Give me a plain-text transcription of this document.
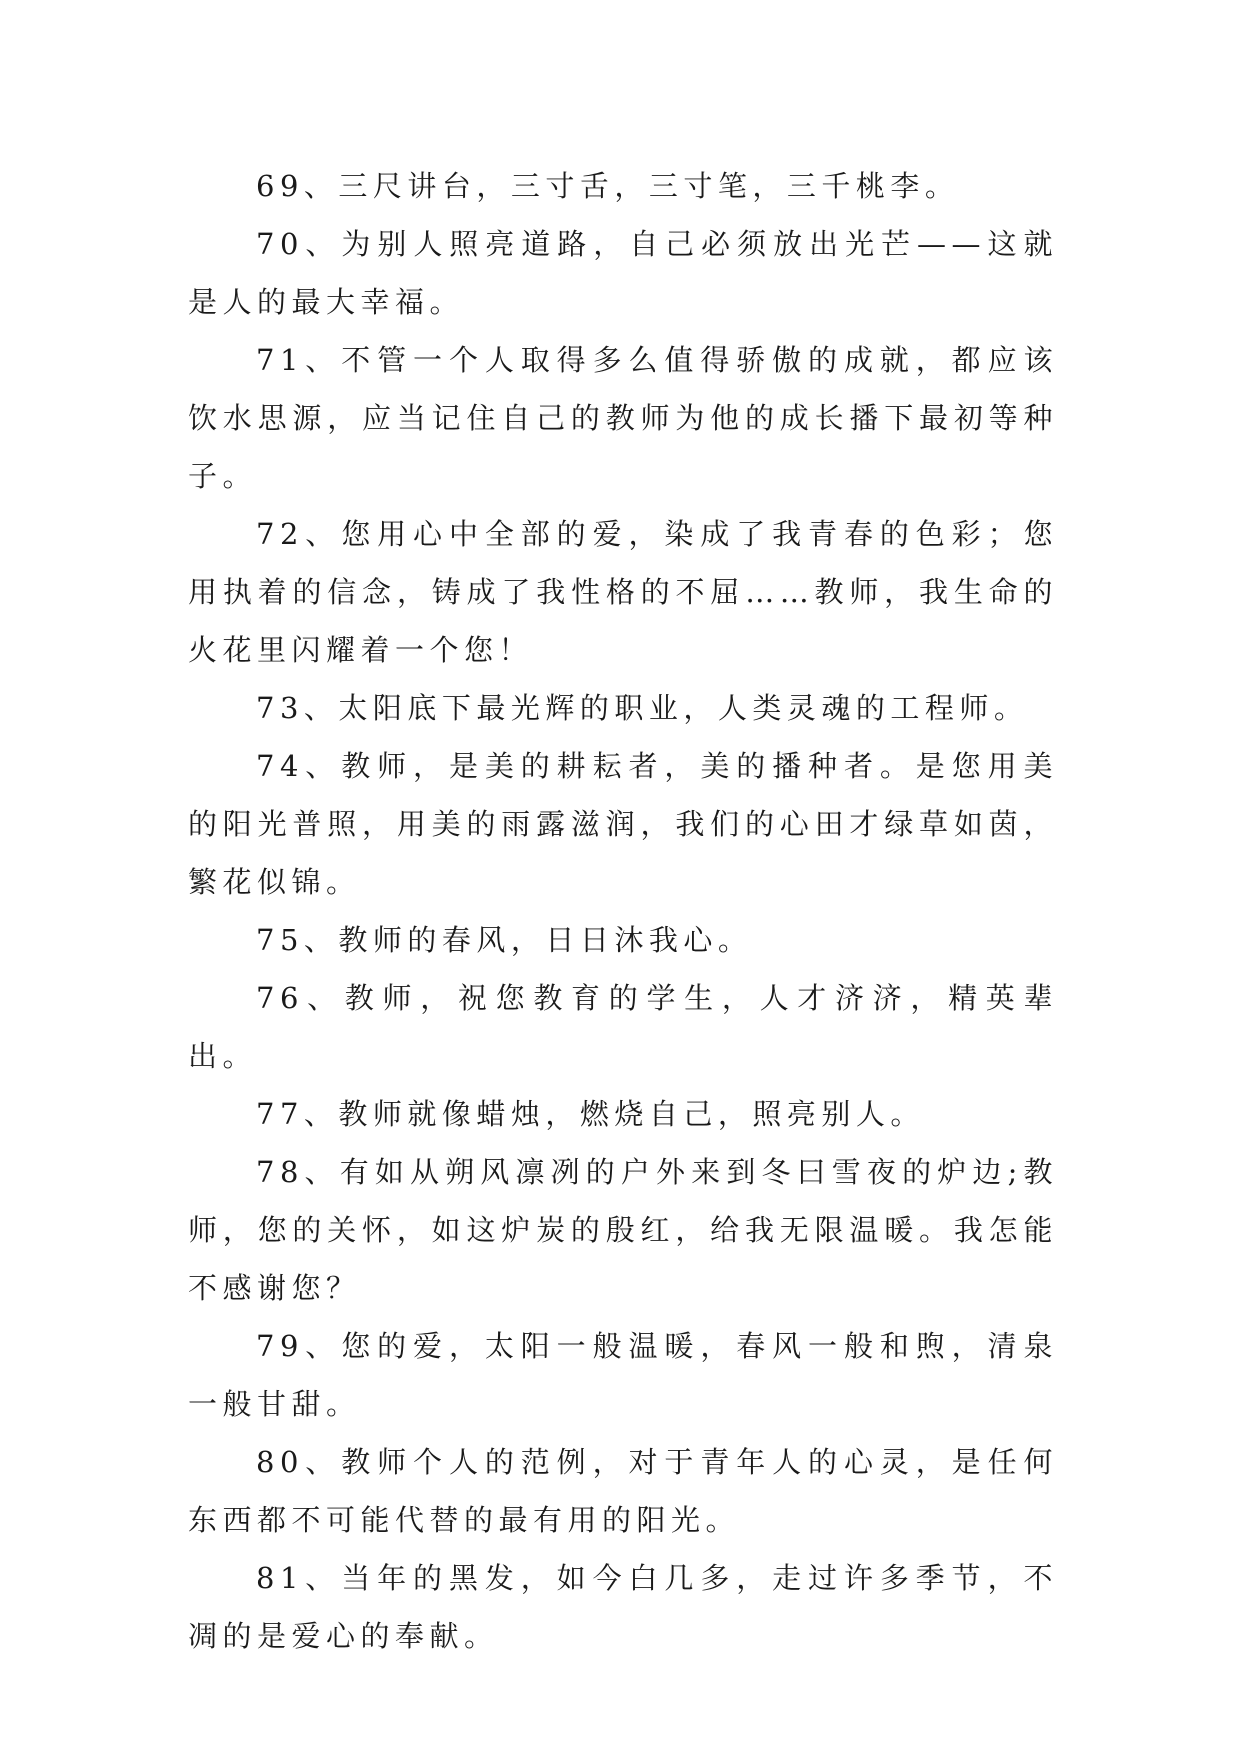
69、三尺讲台，三寸舌，三寸笔，三千桃李。

70、为别人照亮道路，自己必须放出光芒——这就是人的最大幸福。

71、不管一个人取得多么值得骄傲的成就，都应该饮水思源，应当记住自己的教师为他的成长播下最初等种子。

72、您用心中全部的爱，染成了我青春的色彩；您用执着的信念，铸成了我性格的不屈……教师，我生命的火花里闪耀着一个您！

73、太阳底下最光辉的职业，人类灵魂的工程师。

74、教师，是美的耕耘者，美的播种者。是您用美的阳光普照，用美的雨露滋润，我们的心田才绿草如茵，繁花似锦。

75、教师的春风，日日沐我心。

76、教师，祝您教育的学生，人才济济，精英辈出。

77、教师就像蜡烛，燃烧自己，照亮别人。

78、有如从朔风凛冽的户外来到冬曰雪夜的炉边;教师，您的关怀，如这炉炭的殷红，给我无限温暖。我怎能不感谢您？

79、您的爱，太阳一般温暖，春风一般和煦，清泉一般甘甜。

80、教师个人的范例，对于青年人的心灵，是任何东西都不可能代替的最有用的阳光。

81、当年的黑发，如今白几多，走过许多季节，不凋的是爱心的奉献。
